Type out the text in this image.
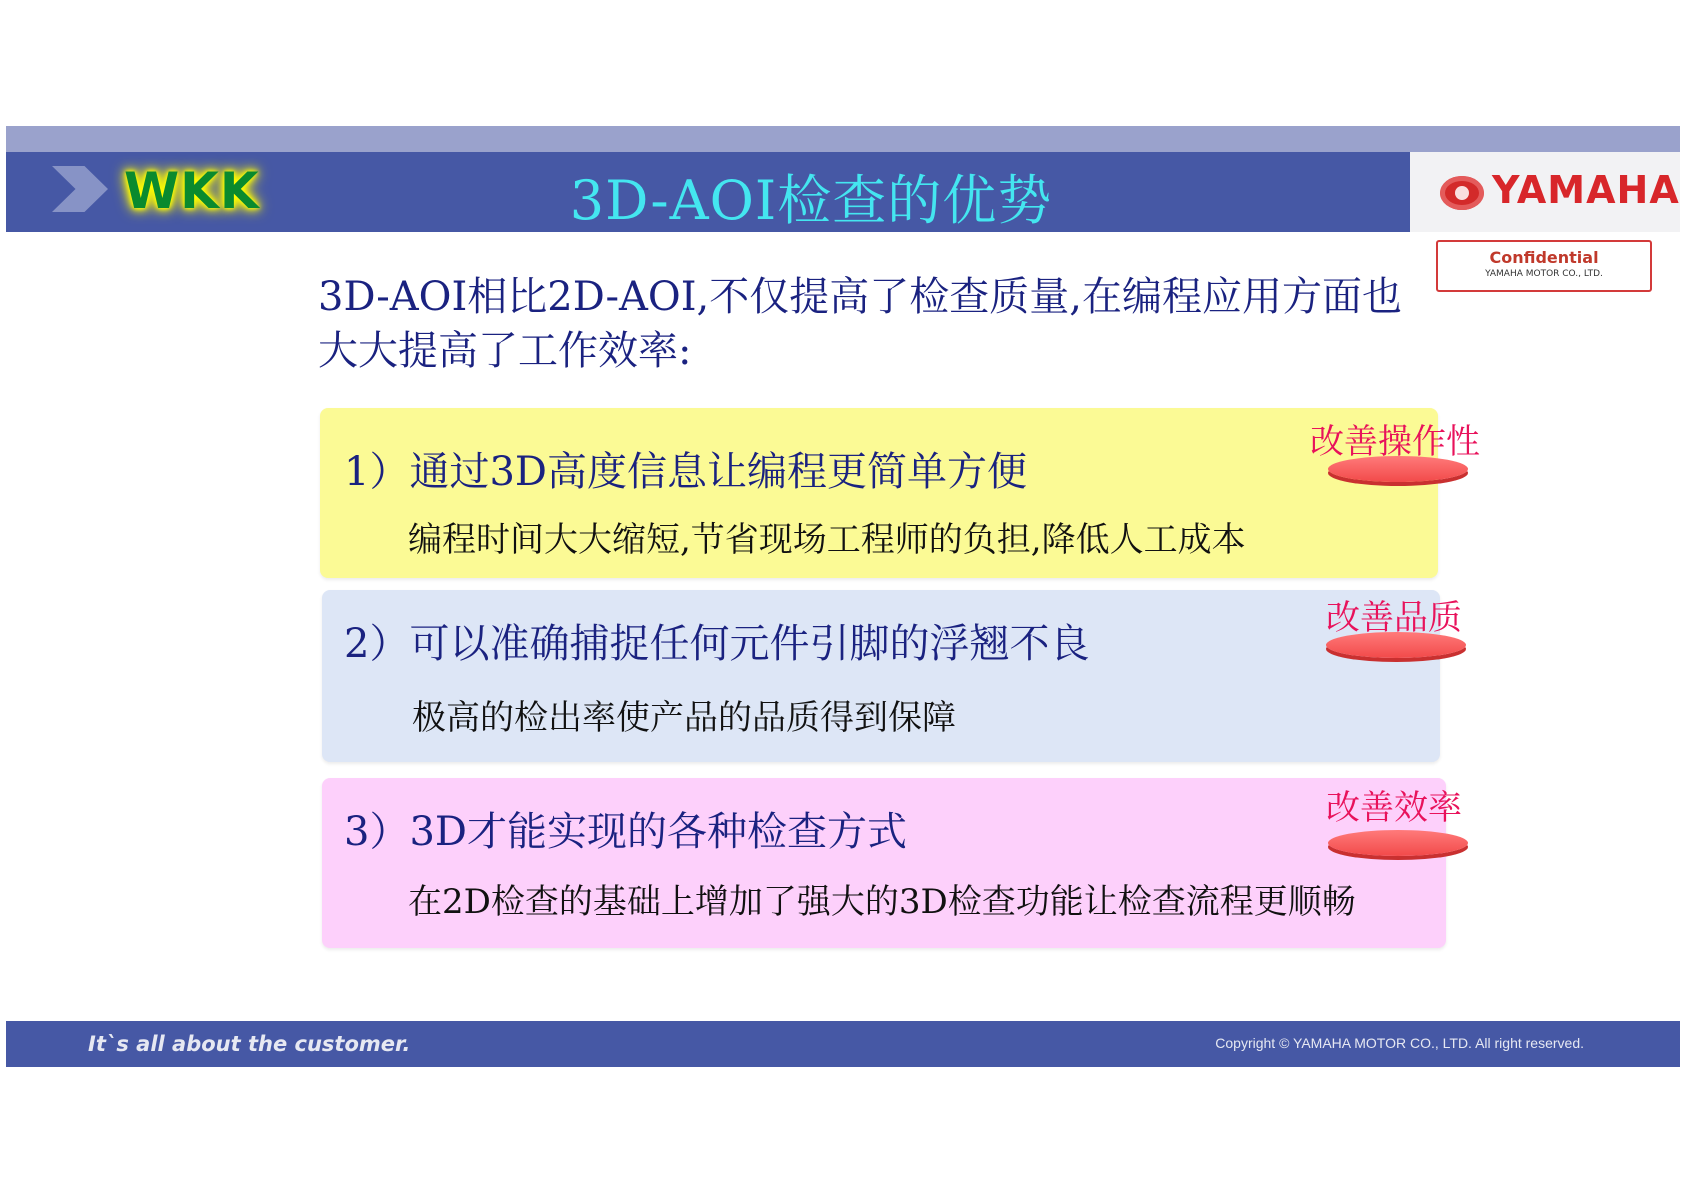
WKK	3D-AOI检查的优势	YAMAHA
Confidential
YAMAHA MOTOR CO., LTD.
3D-AOI相比2D-AOI,不仅提高了检查质量,在编程应用方面也大大提高了工作效率:
1）通过3D高度信息让编程更简单方便
编程时间大大缩短,节省现场工程师的负担,降低人工成本
改善操作性
2）可以准确捕捉任何元件引脚的浮翘不良
极高的检出率使产品的品质得到保障
改善品质
3）3D才能实现的各种检查方式
在2D检查的基础上增加了强大的3D检查功能让检查流程更顺畅
改善效率
It`s all about the customer.	Copyright © YAMAHA MOTOR CO., LTD. All right reserved.
